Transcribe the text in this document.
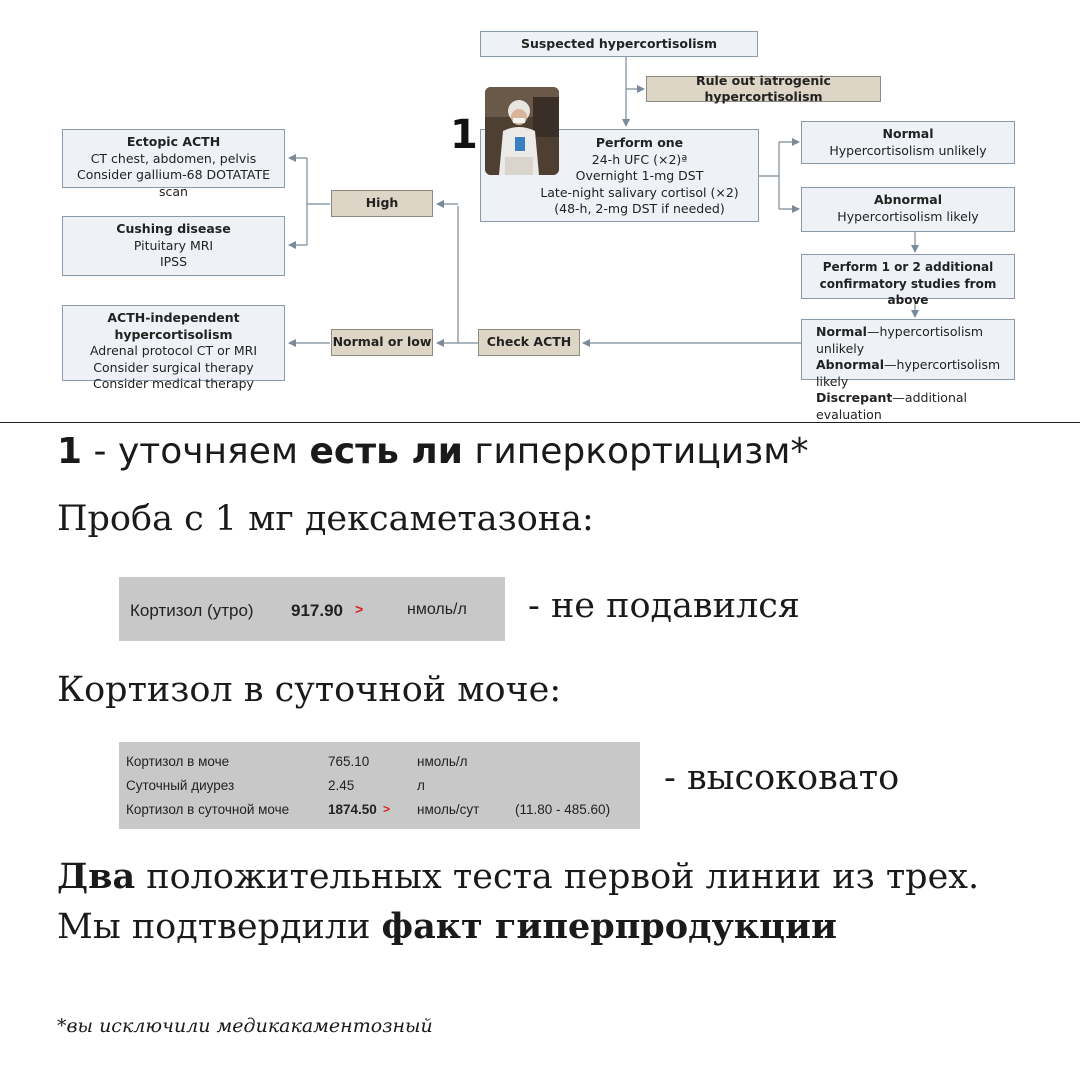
Suspected hypercortisolism
Rule out iatrogenic hypercortisolism
Perform one
24-h UFC (×2)ª
Overnight 1-mg DST
Late-night salivary cortisol (×2)
(48-h, 2-mg DST if needed)
1	Normal
Hypercortisolism unlikely
Abnormal
Hypercortisolism likely
Perform 1 or 2 additional
confirmatory studies from above
Normal—hypercortisolism unlikely
Abnormal—hypercortisolism likely
Discrepant—additional evaluation
Check ACTH
High
Normal or low
Ectopic ACTH
CT chest, abdomen, pelvis
Consider gallium-68 DOTATATE scan
Cushing disease
Pituitary MRI
IPSS
ACTH-independent hypercortisolism
Adrenal protocol CT or MRI
Consider surgical therapy
Consider medical therapy
1 - уточняем есть ли гиперкортицизм*
Проба с 1 мг дексаметазона:
Кортизол (утро) 917.90 >	нмоль/л - не подавился
Кортизол в суточной моче:
Кортизол в моче	765.10	нмоль/л
Суточный диурез	2.45	л
Кортизол в суточной моче	1874.50 > нмоль/сут	(11.80 - 485.60)
- высоковато
Два положительных теста первой линии из трех.
Мы подтвердили факт гиперпродукции
*вы исключили медикакаментозный
